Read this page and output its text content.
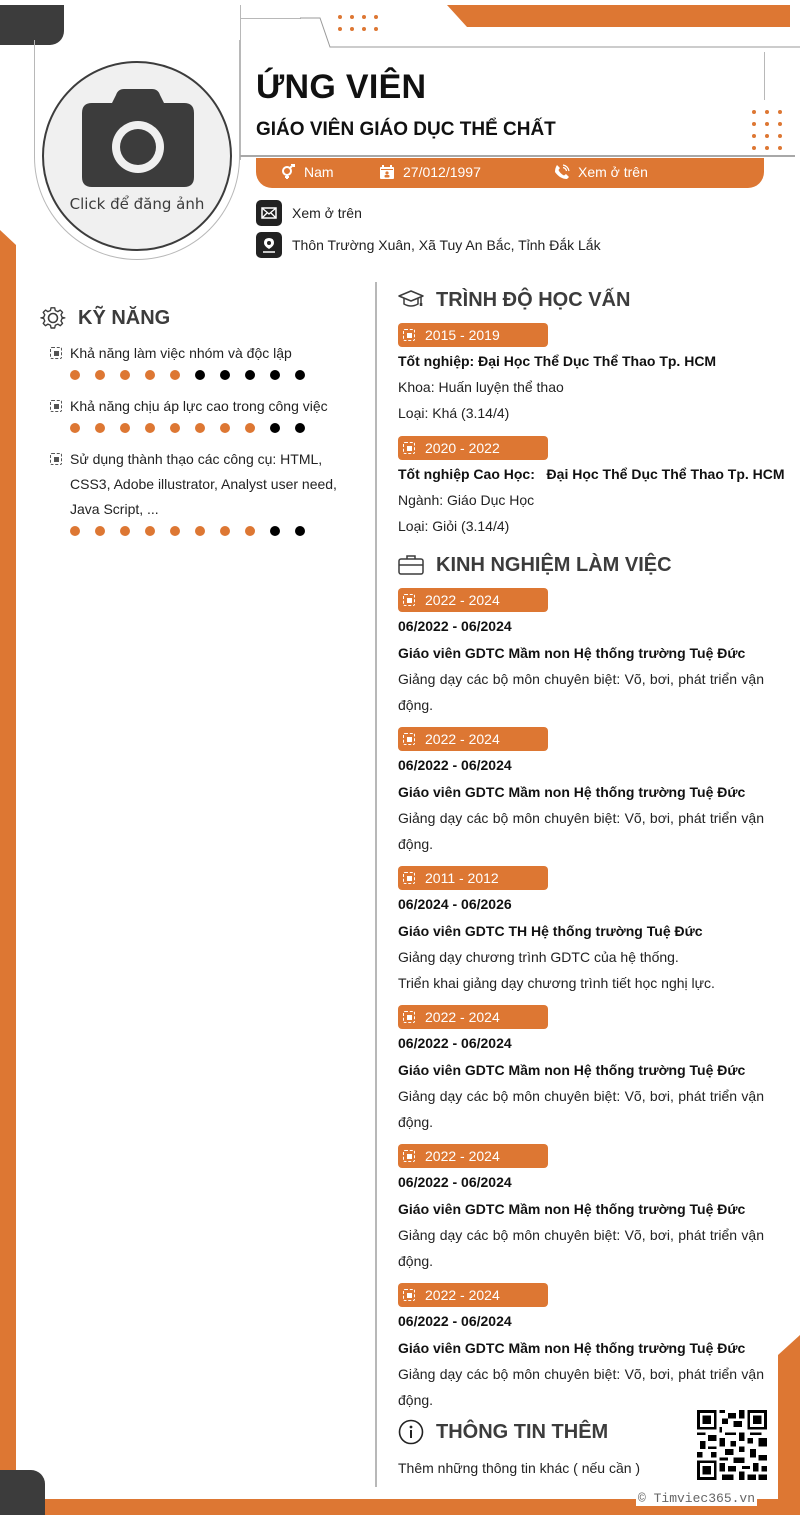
Click để đăng ảnh
ỨNG VIÊN
GIÁO VIÊN GIÁO DỤC THỂ CHẤT
Nam	27/012/1997	Xem ở trên
Xem ở trên
Thôn Trường Xuân, Xã Tuy An Bắc, Tỉnh Đắk Lắk
KỸ NĂNG
Khả năng làm việc nhóm và độc lập
Khả năng chịu áp lực cao trong công việc
Sử dụng thành thạo các công cụ: HTML, CSS3, Adobe illustrator, Analyst user need, Java Script, ...
TRÌNH ĐỘ HỌC VẤN
2015 - 2019
Tốt nghiệp: Đại Học Thể Dục Thể Thao Tp. HCM
Khoa: Huấn luyện thể thao
Loại: Khá (3.14/4)
2020 - 2022
Tốt nghiệp Cao Học:   Đại Học Thể Dục Thể Thao Tp. HCM
Ngành: Giáo Dục Học
Loại: Giỏi (3.14/4)
KINH NGHIỆM LÀM VIỆC
2022 - 2024
06/2022 - 06/2024
Giáo viên GDTC Mầm non Hệ thống trường Tuệ Đức
Giảng dạy các bộ môn chuyên biệt: Võ, bơi, phát triển vận động.
2022 - 2024
06/2022 - 06/2024
Giáo viên GDTC Mầm non Hệ thống trường Tuệ Đức
Giảng dạy các bộ môn chuyên biệt: Võ, bơi, phát triển vận động.
2011 - 2012
06/2024 - 06/2026
Giáo viên GDTC TH Hệ thống trường Tuệ Đức
Giảng dạy chương trình GDTC của hệ thống.
Triển khai giảng dạy chương trình tiết học nghị lực.
2022 - 2024
06/2022 - 06/2024
Giáo viên GDTC Mầm non Hệ thống trường Tuệ Đức
Giảng dạy các bộ môn chuyên biệt: Võ, bơi, phát triển vận động.
2022 - 2024
06/2022 - 06/2024
Giáo viên GDTC Mầm non Hệ thống trường Tuệ Đức
Giảng dạy các bộ môn chuyên biệt: Võ, bơi, phát triển vận động.
2022 - 2024
06/2022 - 06/2024
Giáo viên GDTC Mầm non Hệ thống trường Tuệ Đức
Giảng dạy các bộ môn chuyên biệt: Võ, bơi, phát triển vận động.
THÔNG TIN THÊM
Thêm những thông tin khác ( nếu cần )
© Timviec365.vn
